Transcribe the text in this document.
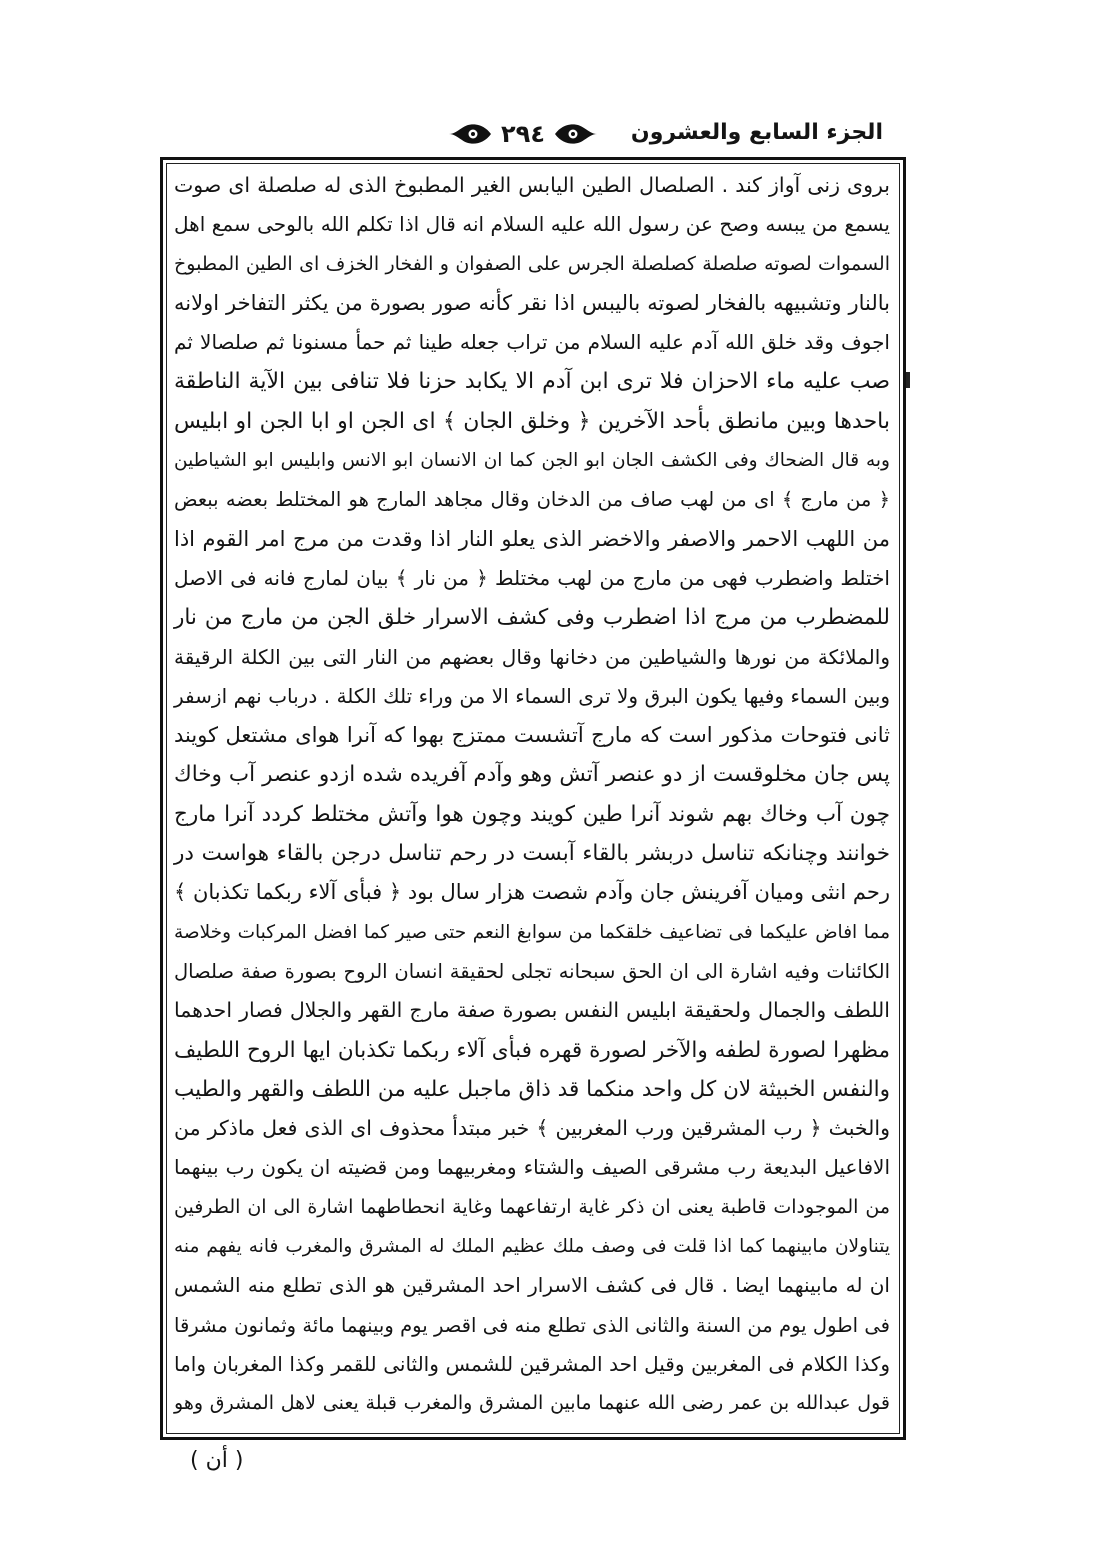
الجزء السابع والعشرون
٢٩٤
بروى زنى آواز كند . الصلصال الطين اليابس الغير المطبوخ الذى له صلصلة اى صوت
يسمع من يبسه وصح عن رسول الله عليه السلام انه قال اذا تكلم الله بالوحى سمع اهل
السموات لصوته صلصلة كصلصلة الجرس على الصفوان و الفخار الخزف اى الطين المطبوخ
بالنار وتشبيهه بالفخار لصوته باليبس اذا نقر كأنه صور بصورة من يكثر التفاخر اولانه
اجوف وقد خلق الله آدم عليه السلام من تراب جعله طينا ثم حمأ مسنونا ثم صلصالا ثم
صب عليه ماء الاحزان فلا ترى ابن آدم الا يكابد حزنا فلا تنافى بين الآية الناطقة
باحدها وبين مانطق بأحد الآخرين ﴿ وخلق الجان ﴾ اى الجن او ابا الجن او ابليس
وبه قال الضحاك وفى الكشف الجان ابو الجن كما ان الانسان ابو الانس وابليس ابو الشياطين
﴿ من مارج ﴾ اى من لهب صاف من الدخان وقال مجاهد المارج هو المختلط بعضه ببعض
من اللهب الاحمر والاصفر والاخضر الذى يعلو النار اذا وقدت من مرج امر القوم اذا
اختلط واضطرب فهى من مارج من لهب مختلط ﴿ من نار ﴾ بيان لمارج فانه فى الاصل
للمضطرب من مرج اذا اضطرب وفى كشف الاسرار خلق الجن من مارج من نار
والملائكة من نورها والشياطين من دخانها وقال بعضهم من النار التى بين الكلة الرقيقة
وبين السماء وفيها يكون البرق ولا ترى السماء الا من وراء تلك الكلة . درباب نهم ازسفر
ثانى فتوحات مذكور است كه مارج آتشست ممتزج بهوا كه آنرا هواى مشتعل كويند
پس جان مخلوقست از دو عنصر آتش وهو وآدم آفريده شده ازدو عنصر آب وخاك
چون آب وخاك بهم شوند آنرا طين كويند وچون هوا وآتش مختلط كردد آنرا مارج
خوانند وچنانكه تناسل دربشر بالقاء آبست در رحم تناسل درجن بالقاء هواست در
رحم انثى وميان آفرينش جان وآدم شصت هزار سال بود ﴿ فبأى آلاء ربكما تكذبان ﴾
مما افاض عليكما فى تضاعيف خلقكما من سوابغ النعم حتى صير كما افضل المركبات وخلاصة
الكائنات وفيه اشارة الى ان الحق سبحانه تجلى لحقيقة انسان الروح بصورة صفة صلصال
اللطف والجمال ولحقيقة ابليس النفس بصورة صفة مارج القهر والجلال فصار احدهما
مظهرا لصورة لطفه والآخر لصورة قهره فبأى آلاء ربكما تكذبان ايها الروح اللطيف
والنفس الخبيثة لان كل واحد منكما قد ذاق ماجبل عليه من اللطف والقهر والطيب
والخبث ﴿ رب المشرقين ورب المغربين ﴾ خبر مبتدأ محذوف اى الذى فعل ماذكر من
الافاعيل البديعة رب مشرقى الصيف والشتاء ومغربيهما ومن قضيته ان يكون رب بينهما
من الموجودات قاطبة يعنى ان ذكر غاية ارتفاعهما وغاية انحطاطهما اشارة الى ان الطرفين
يتناولان مابينهما كما اذا قلت فى وصف ملك عظيم الملك له المشرق والمغرب فانه يفهم منه
ان له مابينهما ايضا . قال فى كشف الاسرار احد المشرقين هو الذى تطلع منه الشمس
فى اطول يوم من السنة والثانى الذى تطلع منه فى اقصر يوم وبينهما مائة وثمانون مشرقا
وكذا الكلام فى المغربين وقيل احد المشرقين للشمس والثانى للقمر وكذا المغربان واما
قول عبدالله بن عمر رضى الله عنهما مابين المشرق والمغرب قبلة يعنى لاهل المشرق وهو
( أن )
